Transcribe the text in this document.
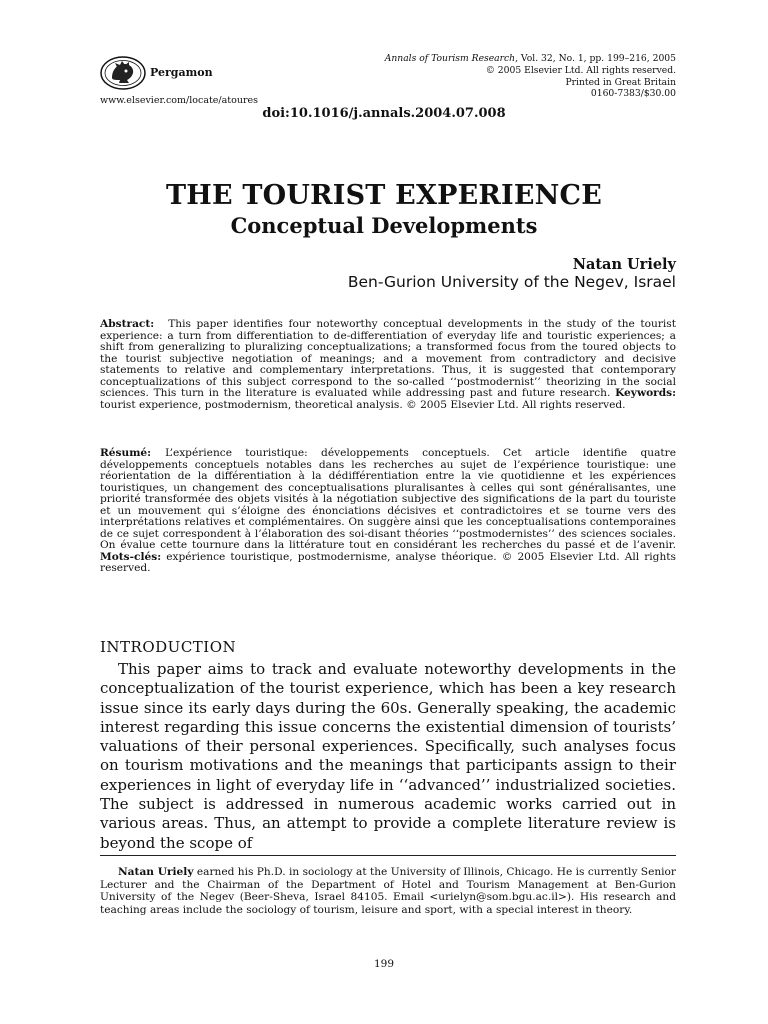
Pergamon
www.elsevier.com/locate/atoures
Annals of Tourism Research, Vol. 32, No. 1, pp. 199–216, 2005
© 2005 Elsevier Ltd. All rights reserved.
Printed in Great Britain
0160-7383/$30.00
doi:10.1016/j.annals.2004.07.008
THE TOURIST EXPERIENCE
Conceptual Developments
Natan Uriely
Ben-Gurion University of the Negev, Israel
Abstract: This paper identifies four noteworthy conceptual developments in the study of the tourist experience: a turn from differentiation to de-differentiation of everyday life and touristic experiences; a shift from generalizing to pluralizing conceptualizations; a transformed focus from the toured objects to the tourist subjective negotiation of meanings; and a movement from contradictory and decisive statements to relative and complementary interpretations. Thus, it is suggested that contemporary conceptualizations of this subject correspond to the so-called ‘‘postmodernist’’ theorizing in the social sciences. This turn in the literature is evaluated while addressing past and future research. Keywords: tourist experience, postmodernism, theoretical analysis. © 2005 Elsevier Ltd. All rights reserved.
Résumé: L’expérience touristique: développements conceptuels. Cet article identifie quatre développements conceptuels notables dans les recherches au sujet de l’expérience touristique: une réorientation de la différentiation à la dédifférentiation entre la vie quotidienne et les expériences touristiques, un changement des conceptualisations pluralisantes à celles qui sont généralisantes, une priorité transformée des objets visités à la négotiation subjective des significations de la part du touriste et un mouvement qui s’éloigne des énonciations décisives et contradictoires et se tourne vers des interprétations relatives et complémentaires. On suggère ainsi que les conceptualisations contemporaines de ce sujet correspondent à l’élaboration des soi-disant théories ‘‘postmodernistes’’ des sciences sociales. On évalue cette tournure dans la littérature tout en considérant les recherches du passé et de l’avenir. Mots-clés: expérience touristique, postmodernisme, analyse théorique. © 2005 Elsevier Ltd. All rights reserved.
INTRODUCTION

This paper aims to track and evaluate noteworthy developments in the conceptualization of the tourist experience, which has been a key research issue since its early days during the 60s. Generally speaking, the academic interest regarding this issue concerns the existential dimension of tourists’ valuations of their personal experiences. Specifically, such analyses focus on tourism motivations and the meanings that participants assign to their experiences in light of everyday life in ‘‘advanced’’ industrialized societies. The subject is addressed in numerous academic works carried out in various areas. Thus, an attempt to provide a complete literature review is beyond the scope of

Natan Uriely earned his Ph.D. in sociology at the University of Illinois, Chicago. He is currently Senior Lecturer and the Chairman of the Department of Hotel and Tourism Management at Ben-Gurion University of the Negev (Beer-Sheva, Israel 84105. Email <urielyn@som.bgu.ac.il>). His research and teaching areas include the sociology of tourism, leisure and sport, with a special interest in theory.
199
